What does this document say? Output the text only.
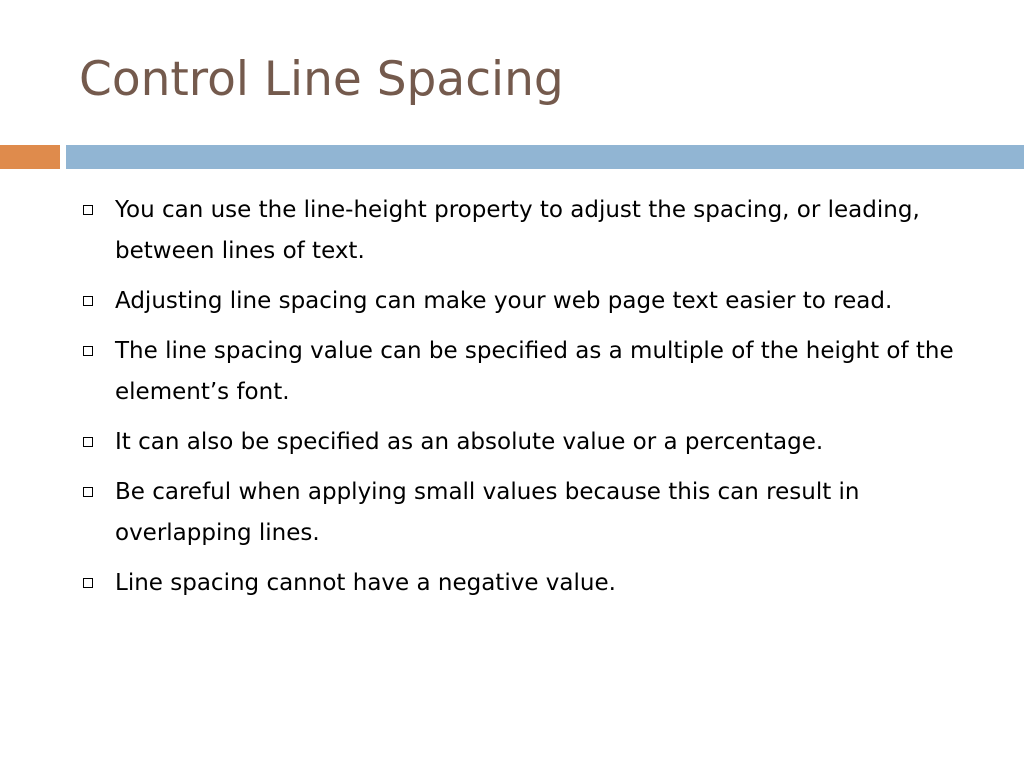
Control Line Spacing
You can use the line-height property to adjust the spacing, or leading, between lines of text.
Adjusting line spacing can make your web page text easier to read.
The line spacing value can be specified as a multiple of the height of the element’s font.
It can also be specified as an absolute value or a percentage.
Be careful when applying small values because this can result in overlapping lines.
Line spacing cannot have a negative value.
